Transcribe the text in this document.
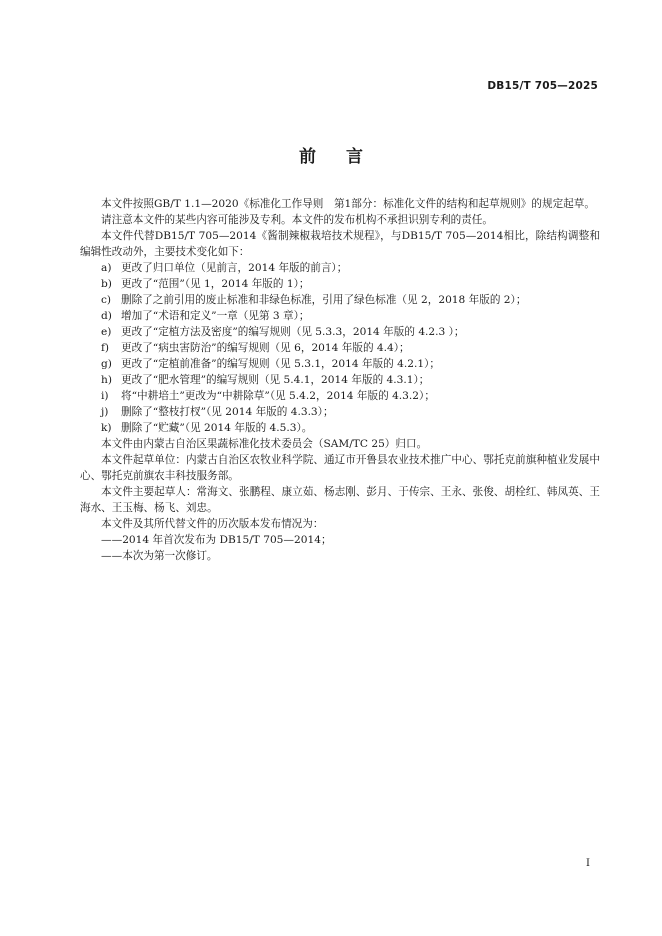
DB15/T 705—2025
前言

本文件按照GB/T 1.1—2020《标准化工作导则　第1部分：标准化文件的结构和起草规则》的规定起草。

请注意本文件的某些内容可能涉及专利。本文件的发布机构不承担识别专利的责任。

本文件代替DB15/T 705—2014《酱制辣椒栽培技术规程》，与DB15/T 705—2014相比，除结构调整和编辑性改动外，主要技术变化如下：

a) 更改了归口单位（见前言，2014 年版的前言）；

b) 更改了“范围”（见 1，2014 年版的 1）；

c) 删除了之前引用的废止标准和非绿色标准，引用了绿色标准（见 2，2018 年版的 2）；

d) 增加了“术语和定义”一章（见第 3 章）；

e) 更改了“定植方法及密度”的编写规则（见 5.3.3，2014 年版的 4.2.3 ）；

f)	更改了“病虫害防治”的编写规则（见 6，2014 年版的 4.4）；

g) 更改了“定植前准备”的编写规则（见 5.3.1，2014 年版的 4.2.1）；

h) 更改了“肥水管理”的编写规则（见 5.4.1，2014 年版的 4.3.1）；

i)	将“中耕培土”更改为“中耕除草”（见 5.4.2，2014 年版的 4.3.2）；

j)	删除了“整枝打杈”（见 2014 年版的 4.3.3）；

k) 删除了“贮藏”（见 2014 年版的 4.5.3）。

本文件由内蒙古自治区果蔬标准化技术委员会（SAM/TC 25）归口。

本文件起草单位：内蒙古自治区农牧业科学院、通辽市开鲁县农业技术推广中心、鄂托克前旗种植业发展中心、鄂托克前旗农丰科技服务部。

本文件主要起草人：常海文、张鹏程、康立茹、杨志刚、彭月、于传宗、王永、张俊、胡栓红、韩凤英、王海水、王玉梅、杨飞、刘忠。

本文件及其所代替文件的历次版本发布情况为：

——2014 年首次发布为 DB15/T 705—2014；

——本次为第一次修订。

I
